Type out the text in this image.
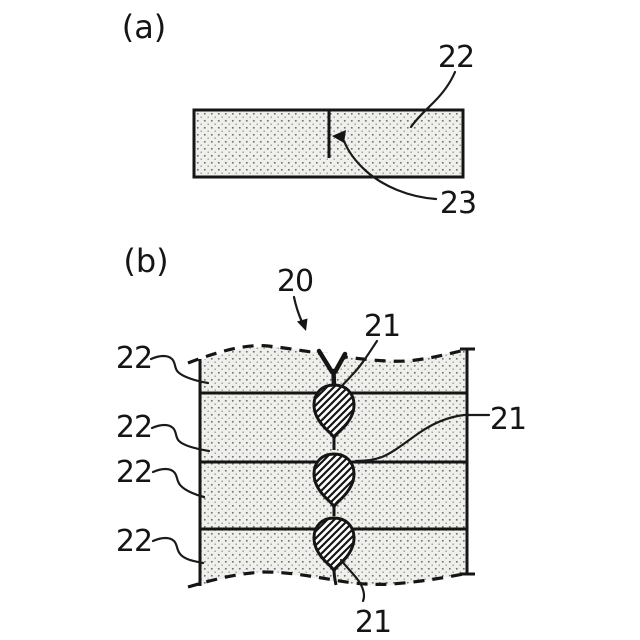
(a)
22
23
(b)
20
21
21
21
22
22
22
22
